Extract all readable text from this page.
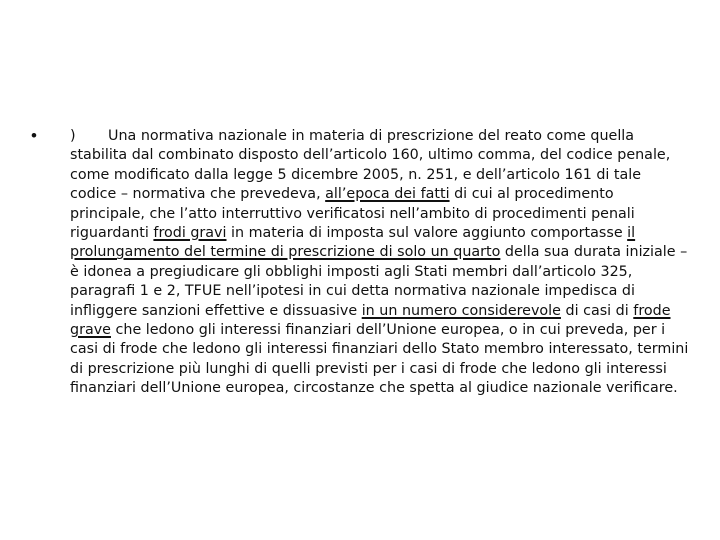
• ) Una normativa nazionale in materia di prescrizione del reato come quella stabilita dal combinato disposto dell’articolo 160, ultimo comma, del codice penale, come modificato dalla legge 5 dicembre 2005, n. 251, e dell’articolo 161 di tale codice – normativa che prevedeva, all’epoca dei fatti di cui al procedimento principale, che l’atto interruttivo verificatosi nell’ambito di procedimenti penali riguardanti frodi gravi in materia di imposta sul valore aggiunto comportasse il prolungamento del termine di prescrizione di solo un quarto della sua durata iniziale – è idonea a pregiudicare gli obblighi imposti agli Stati membri dall’articolo 325, paragrafi 1 e 2, TFUE nell’ipotesi in cui detta normativa nazionale impedisca di infliggere sanzioni effettive e dissuasive in un numero considerevole di casi di frode grave che ledono gli interessi finanziari dell’Unione europea, o in cui preveda, per i casi di frode che ledono gli interessi finanziari dello Stato membro interessato, termini di prescrizione più lunghi di quelli previsti per i casi di frode che ledono gli interessi finanziari dell’Unione europea, circostanze che spetta al giudice nazionale verificare.
